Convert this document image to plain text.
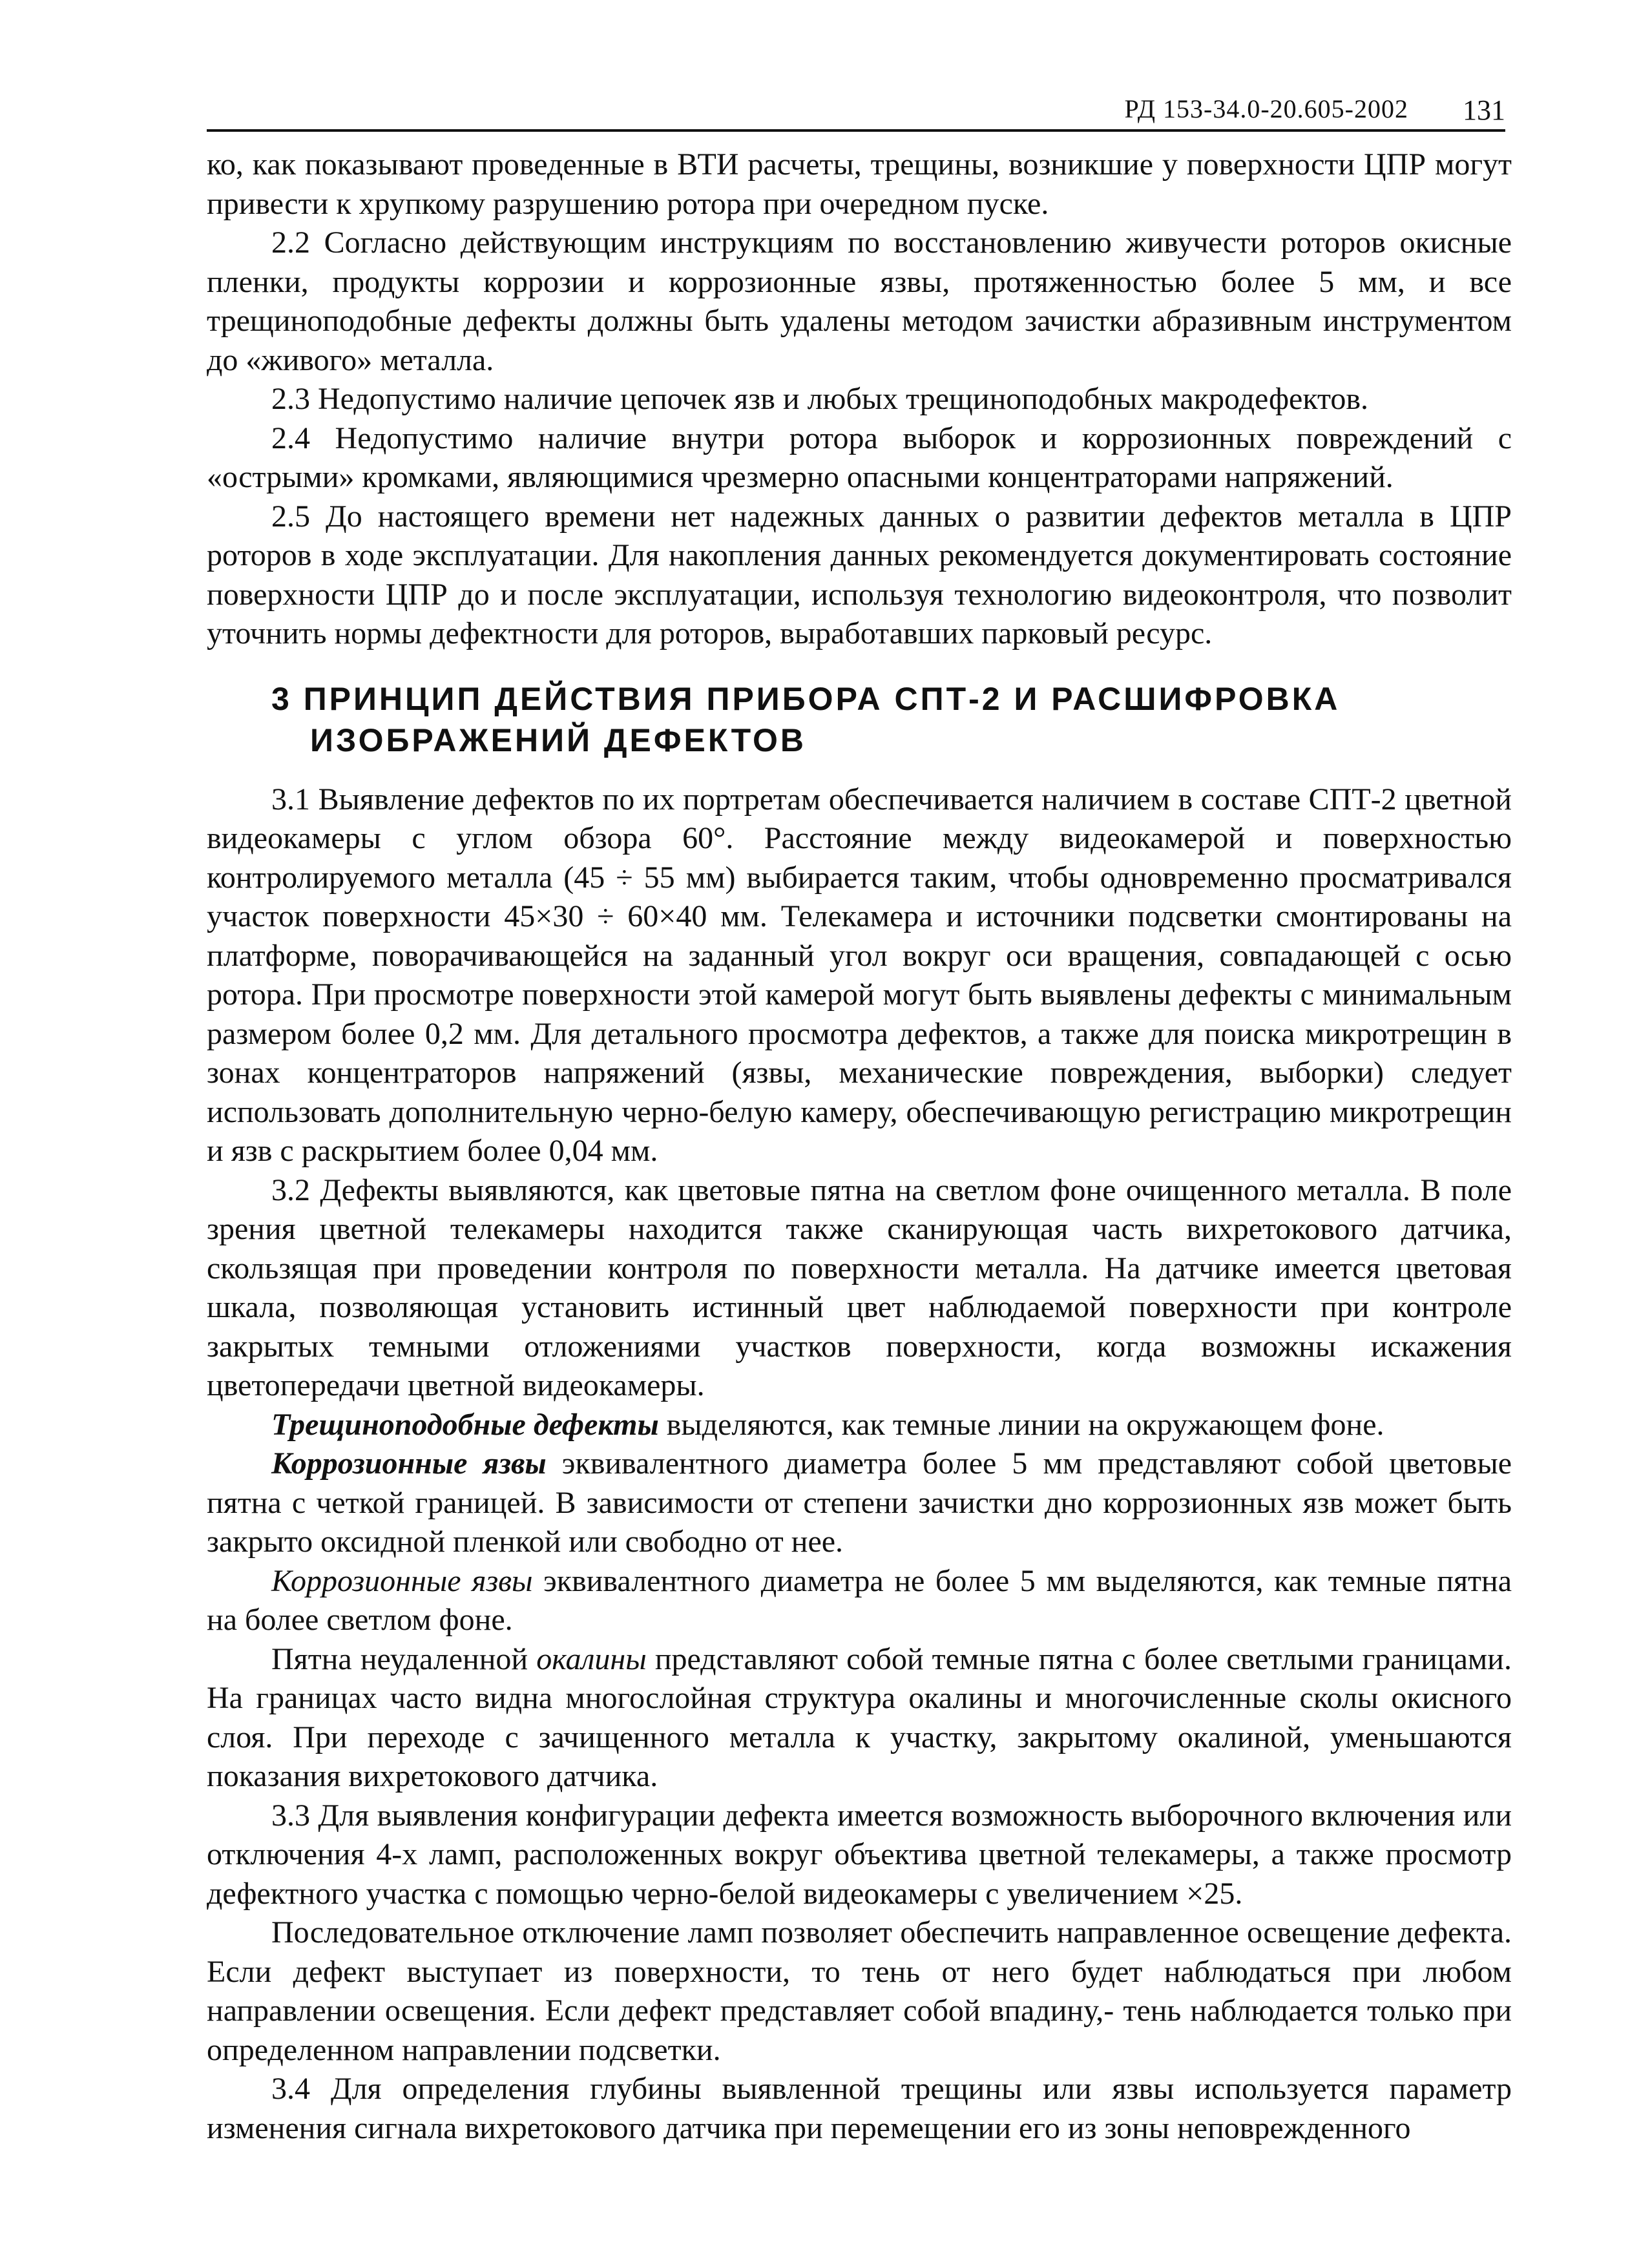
РД 153-34.0-20.605-2002 131

ко, как показывают проведенные в ВТИ расчеты, трещины, возникшие у поверхности ЦПР могут привести к хрупкому разрушению ротора при очередном пуске.

2.2 Согласно действующим инструкциям по восстановлению живучести роторов окисные пленки, продукты коррозии и коррозионные язвы, протяженностью более 5 мм, и все трещиноподобные дефекты должны быть удалены методом зачистки абразивным инструментом до «живого» металла.

2.3 Недопустимо наличие цепочек язв и любых трещиноподобных макродефектов.

2.4 Недопустимо наличие внутри ротора выборок и коррозионных повреждений с «острыми» кромками, являющимися чрезмерно опасными концентраторами напряжений.

2.5 До настоящего времени нет надежных данных о развитии дефектов металла в ЦПР роторов в ходе эксплуатации. Для накопления данных рекомендуется документировать состояние поверхности ЦПР до и после эксплуатации, используя технологию видеоконтроля, что позволит уточнить нормы дефектности для роторов, выработавших парковый ресурс.

3 ПРИНЦИП ДЕЙСТВИЯ ПРИБОРА СПТ-2 И РАСШИФРОВКА
ИЗОБРАЖЕНИЙ ДЕФЕКТОВ

3.1 Выявление дефектов по их портретам обеспечивается наличием в составе СПТ-2 цветной видеокамеры с углом обзора 60°. Расстояние между видеокамерой и поверхностью контролируемого металла (45 ÷ 55 мм) выбирается таким, чтобы одновременно просматривался участок поверхности 45×30 ÷ 60×40 мм. Телекамера и источники подсветки смонтированы на платформе, поворачивающейся на заданный угол вокруг оси вращения, совпадающей с осью ротора. При просмотре поверхности этой камерой могут быть выявлены дефекты с минимальным размером более 0,2 мм. Для детального просмотра дефектов, а также для поиска микротрещин в зонах концентраторов напряжений (язвы, механические повреждения, выборки) следует использовать дополнительную черно-белую камеру, обеспечивающую регистрацию микротрещин и язв с раскрытием более 0,04 мм.

3.2 Дефекты выявляются, как цветовые пятна на светлом фоне очищенного металла. В поле зрения цветной телекамеры находится также сканирующая часть вихретокового датчика, скользящая при проведении контроля по поверхности металла. На датчике имеется цветовая шкала, позволяющая установить истинный цвет наблюдаемой поверхности при контроле закрытых темными отложениями участков поверхности, когда возможны искажения цветопередачи цветной видеокамеры.

Трещиноподобные дефекты выделяются, как темные линии на окружающем фоне.

Коррозионные язвы эквивалентного диаметра более 5 мм представляют собой цветовые пятна с четкой границей. В зависимости от степени зачистки дно коррозионных язв может быть закрыто оксидной пленкой или свободно от нее.

Коррозионные язвы эквивалентного диаметра не более 5 мм выделяются, как темные пятна на более светлом фоне.

Пятна неудаленной окалины представляют собой темные пятна с более светлыми границами. На границах часто видна многослойная структура окалины и многочисленные сколы окисного слоя. При переходе с зачищенного металла к участку, закрытому окалиной, уменьшаются показания вихретокового датчика.

3.3 Для выявления конфигурации дефекта имеется возможность выборочного включения или отключения 4-х ламп, расположенных вокруг объектива цветной телекамеры, а также просмотр дефектного участка с помощью черно-белой видеокамеры с увеличением ×25.

Последовательное отключение ламп позволяет обеспечить направленное освещение дефекта. Если дефект выступает из поверхности, то тень от него будет наблюдаться при любом направлении освещения. Если дефект представляет собой впадину,- тень наблюдается только при определенном направлении подсветки.

3.4 Для определения глубины выявленной трещины или язвы используется параметр изменения сигнала вихретокового датчика при перемещении его из зоны неповрежденного
